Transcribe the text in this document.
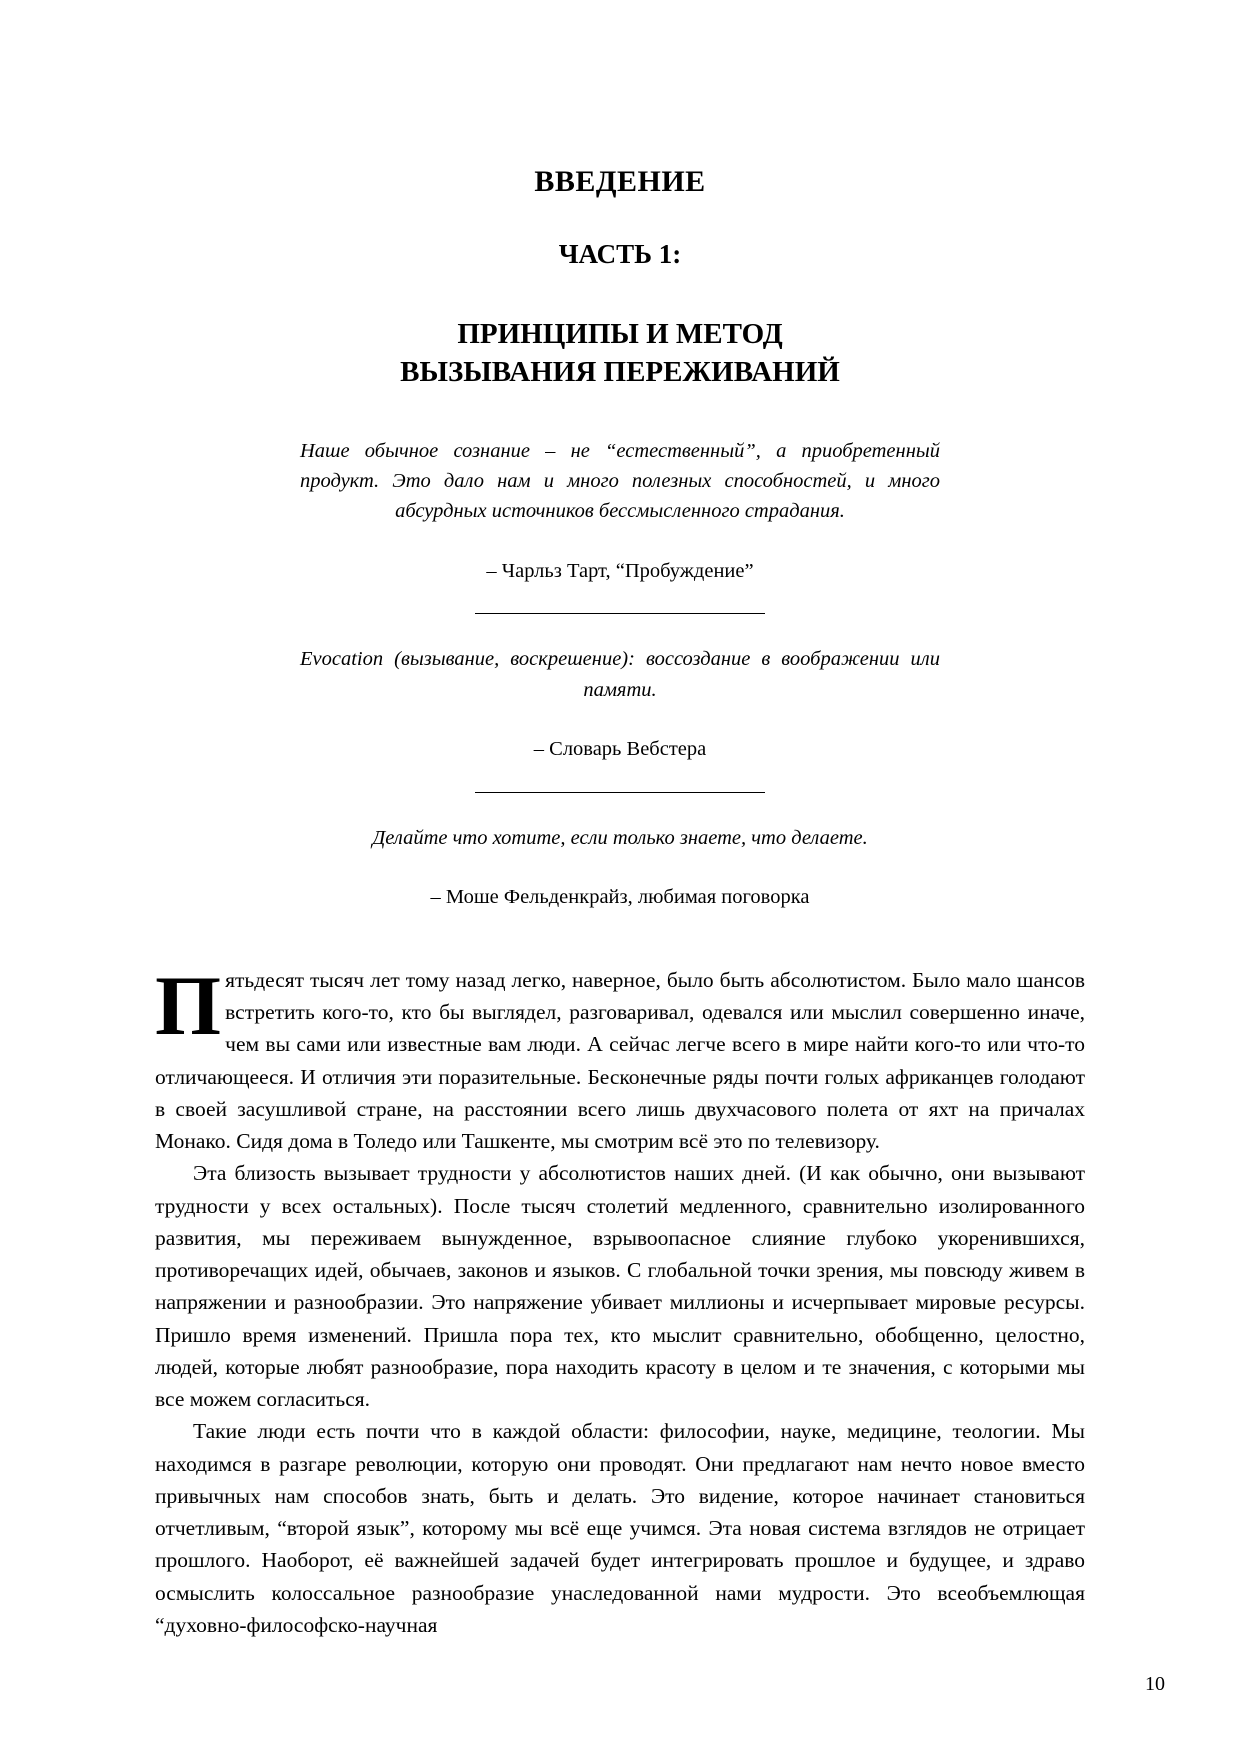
ВВЕДЕНИЕ
ЧАСТЬ 1:
ПРИНЦИПЫ И МЕТОД
ВЫЗЫВАНИЯ ПЕРЕЖИВАНИЙ

Наше обычное сознание – не “естественный”, а приобретенный продукт. Это дало нам и много полезных способностей, и много абсурдных источников бессмысленного страдания.

– Чарльз Тарт, “Пробуждение”

Evocation (вызывание, воскрешение): воссоздание в воображении или памяти.

– Словарь Вебстера

Делайте что хотите, если только знаете, что делаете.

– Моше Фельденкрайз, любимая поговорка

Пятьдесят тысяч лет тому назад легко, наверное, было быть абсолютистом. Было мало шансов встретить кого-то, кто бы выглядел, разговаривал, одевался или мыслил совершенно иначе, чем вы сами или известные вам люди. А сейчас легче всего в мире найти кого-то или что-то отличающееся. И отличия эти поразительные. Бесконечные ряды почти голых африканцев голодают в своей засушливой стране, на расстоянии всего лишь двухчасового полета от яхт на причалах Монако. Сидя дома в Толедо или Ташкенте, мы смотрим всё это по телевизору.

Эта близость вызывает трудности у абсолютистов наших дней. (И как обычно, они вызывают трудности у всех остальных). После тысяч столетий медленного, сравнительно изолированного развития, мы переживаем вынужденное, взрывоопасное слияние глубоко укоренившихся, противоречащих идей, обычаев, законов и языков. С глобальной точки зрения, мы повсюду живем в напряжении и разнообразии. Это напряжение убивает миллионы и исчерпывает мировые ресурсы. Пришло время изменений. Пришла пора тех, кто мыслит сравнительно, обобщенно, целостно, людей, которые любят разнообразие, пора находить красоту в целом и те значения, с которыми мы все можем согласиться.

Такие люди есть почти что в каждой области: философии, науке, медицине, теологии. Мы находимся в разгаре революции, которую они проводят. Они предлагают нам нечто новое вместо привычных нам способов знать, быть и делать. Это видение, которое начинает становиться отчетливым, “второй язык”, которому мы всё еще учимся. Эта новая система взглядов не отрицает прошлого. Наоборот, её важнейшей задачей будет интегрировать прошлое и будущее, и здраво осмыслить колоссальное разнообразие унаследованной нами мудрости. Это всеобъемлющая “духовно-философско-научная

10
